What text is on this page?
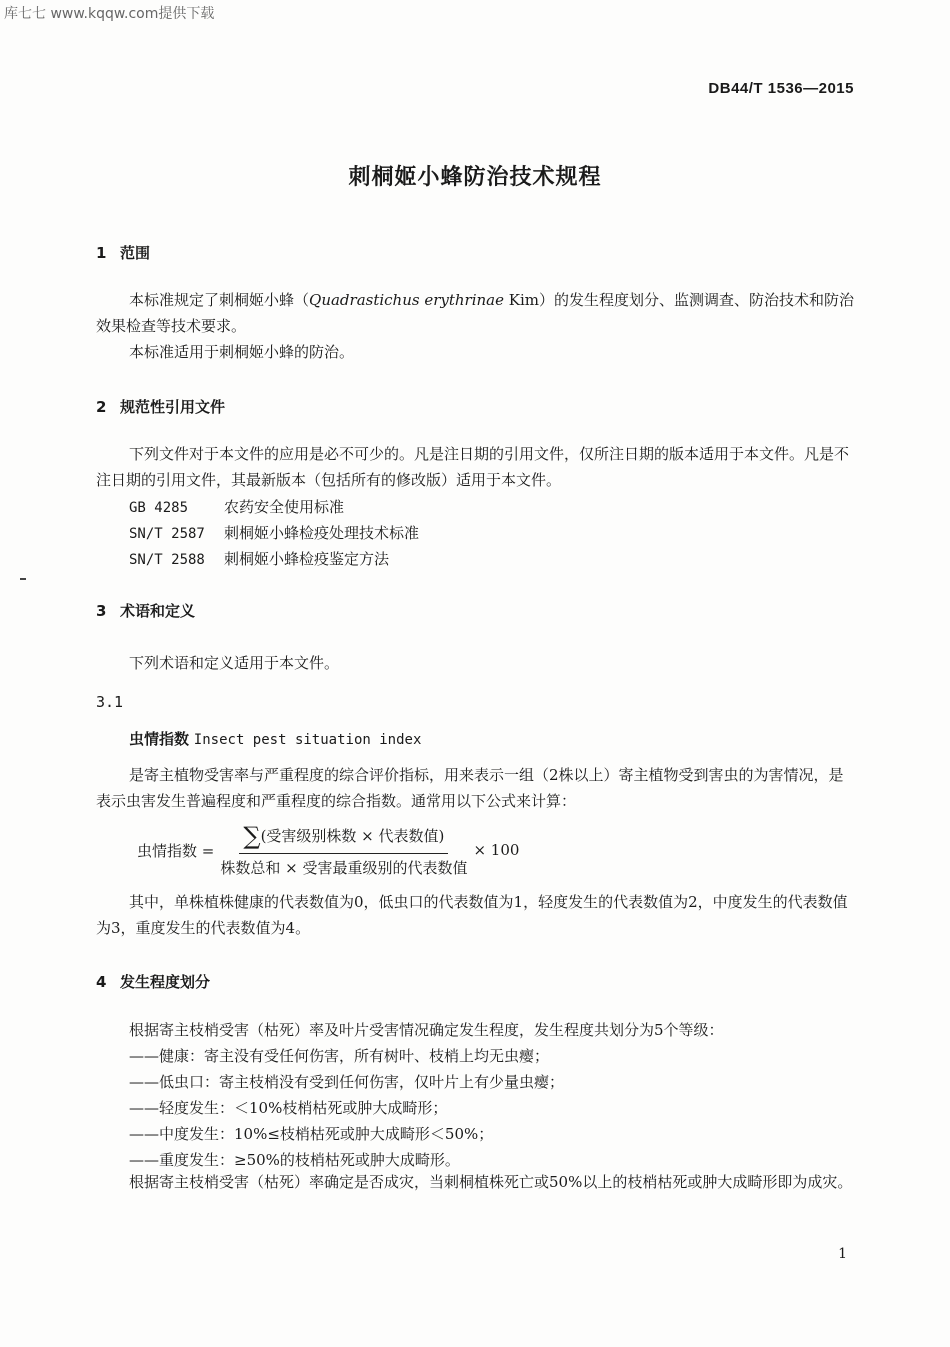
库七七 www.kqqw.com提供下载
DB44/T 1536—2015
刺桐姬小蜂防治技术规程
1 范围
本标准规定了刺桐姬小蜂（Quadrastichus erythrinae Kim）的发生程度划分、监测调查、防治技术和防治效果检查等技术要求。
本标准适用于刺桐姬小蜂的防治。
2 规范性引用文件
下列文件对于本文件的应用是必不可少的。凡是注日期的引用文件，仅所注日期的版本适用于本文件。凡是不注日期的引用文件，其最新版本（包括所有的修改版）适用于本文件。
GB 4285 农药安全使用标准
SN/T 2587 刺桐姬小蜂检疫处理技术标准
SN/T 2588 刺桐姬小蜂检疫鉴定方法
3 术语和定义
下列术语和定义适用于本文件。
3.1
虫情指数 Insect pest situation index
是寄主植物受害率与严重程度的综合评价指标，用来表示一组（2株以上）寄主植物受到害虫的为害情况，是表示虫害发生普遍程度和严重程度的综合指数。通常用以下公式来计算：
虫情指数 = $\frac{\text{∑(受害级别株数 × 代表数值)}}{\text{株数总和 × 受害最重级别的代表数值}} \times 100$
其中，单株植株健康的代表数值为0，低虫口的代表数值为1，轻度发生的代表数值为2，中度发生的代表数值为3，重度发生的代表数值为4。
4 发生程度划分
根据寄主枝梢受害（枯死）率及叶片受害情况确定发生程度，发生程度共划分为5个等级：
——健康：寄主没有受任何伤害，所有树叶、枝梢上均无虫瘿；
——低虫口：寄主枝梢没有受到任何伤害，仅叶片上有少量虫瘿；
——轻度发生：＜10%枝梢枯死或肿大成畸形；
——中度发生：10%≤枝梢枯死或肿大成畸形＜50%；
——重度发生：≥50%的枝梢枯死或肿大成畸形。
根据寄主枝梢受害（枯死）率确定是否成灾，当刺桐植株死亡或50%以上的枝梢枯死或肿大成畸形即为成灾。
1
